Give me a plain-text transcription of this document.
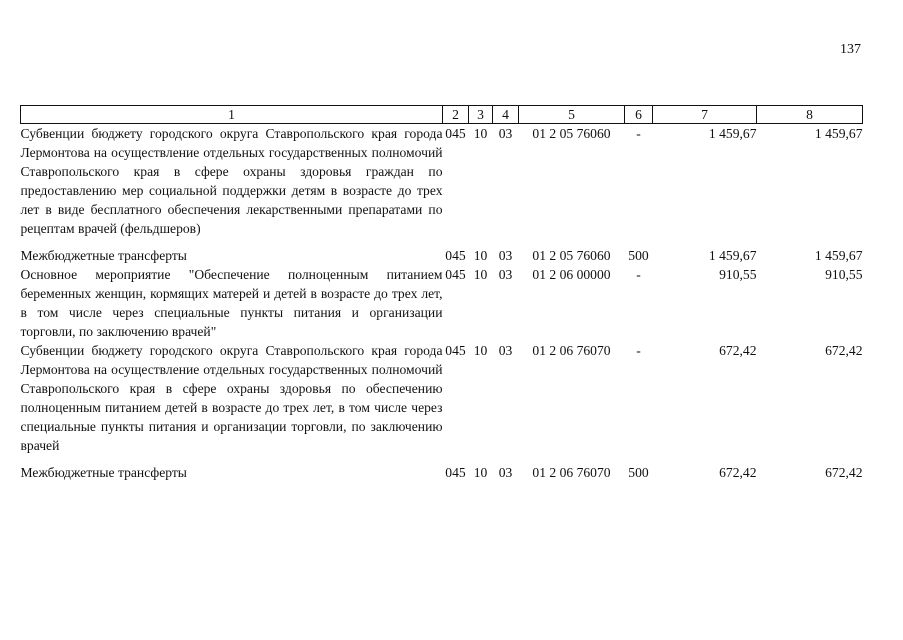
137
1	2	3	4	5	6	7	8
Субвенции бюджету городского округа Ставропольского края города Лермонтова на осуществление отдельных государственных полномочий Ставропольского края в сфере охраны здоровья граждан по предоставлению мер социальной поддержки детям в возрасте до трех лет в виде бесплатного обеспечения лекарственными препаратами по рецептам врачей (фельдшеров)	045	10	03	01 2 05 76060	-	1 459,67	1 459,67

Межбюджетные трансферты	045	10	03	01 2 05 76060	500	1 459,67	1 459,67
Основное мероприятие "Обеспечение полноценным питанием беременных женщин, кормящих матерей и детей в возрасте до трех лет, в том числе через специальные пункты питания и организации торговли, по заключению врачей"	045	10	03	01 2 06 00000	-	910,55	910,55
Субвенции бюджету городского округа Ставропольского края города Лермонтова на осуществление отдельных государственных полномочий Ставропольского края в сфере охраны здоровья по обеспечению полноценным питанием детей в возрасте до трех лет, в том числе через специальные пункты питания и организации торговли, по заключению врачей	045	10	03	01 2 06 76070	-	672,42	672,42

Межбюджетные трансферты	045	10	03	01 2 06 76070	500	672,42	672,42
